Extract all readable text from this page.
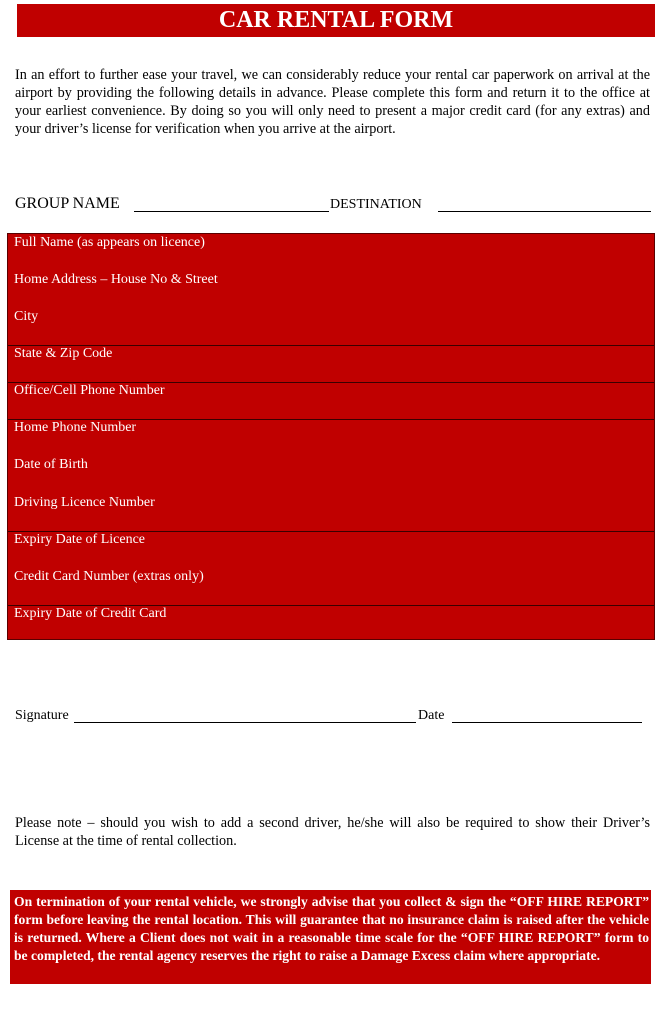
CAR RENTAL FORM
In an effort to further ease your travel, we can considerably reduce your rental car paperwork on arrival at the airport by providing the following details in advance. Please complete this form and return it to the office at your earliest convenience. By doing so you will only need to present a major credit card (for any extras) and your driver’s license for verification when you arrive at the airport.
GROUP NAME	DESTINATION
Full Name (as appears on licence)
Home Address – House No & Street
City
State & Zip Code
Office/Cell Phone Number
Home Phone Number
Date of Birth
Driving Licence Number
Expiry Date of Licence
Credit Card Number (extras only)
Expiry Date of Credit Card
Signature	Date
Please note – should you wish to add a second driver, he/she will also be required to show their Driver’s License at the time of rental collection.
On termination of your rental vehicle, we strongly advise that you collect & sign the “OFF HIRE REPORT” form before leaving the rental location. This will guarantee that no insurance claim is raised after the vehicle is returned. Where a Client does not wait in a reasonable time scale for the “OFF HIRE REPORT” form to be completed, the rental agency reserves the right to raise a Damage Excess claim where appropriate.
